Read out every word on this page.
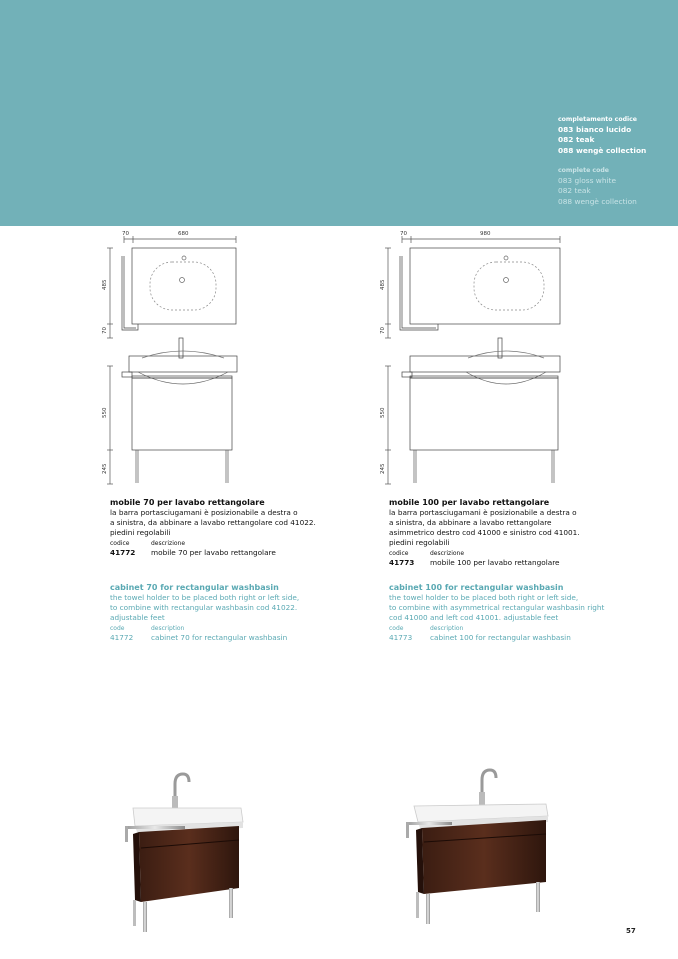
completamento codice
083 bianco lucido
082 teak
088 wengè collection
complete code
083 gloss white
082 teak
088 wengè collection
70	680
485
70
550
245
70	980
485
70
550
245
mobile 70 per lavabo rettangolare
la barra portasciugamani è posizionabile a destra o
a sinistra, da abbinare a lavabo rettangolare cod 41022.
piedini regolabili
codice	descrizione
41772	mobile 70 per lavabo rettangolare
cabinet 70 for rectangular washbasin
the towel holder to be placed both right or left side,
to combine with rectangular washbasin cod 41022.
adjustable feet
code	description
41772	cabinet 70 for rectangular washbasin
mobile 100 per lavabo rettangolare
la barra portasciugamani è posizionabile a destra o
a sinistra, da abbinare a lavabo rettangolare
asimmetrico destro cod 41000 e sinistro cod 41001.
piedini regolabili
codice	descrizione
41773	mobile 100 per lavabo rettangolare
cabinet 100 for rectangular washbasin
the towel holder to be placed both right or left side,
to combine with asymmetrical rectangular washbasin right
cod 41000 and left cod 41001. adjustable feet
code	description
41773	cabinet 100 for rectangular washbasin
57
